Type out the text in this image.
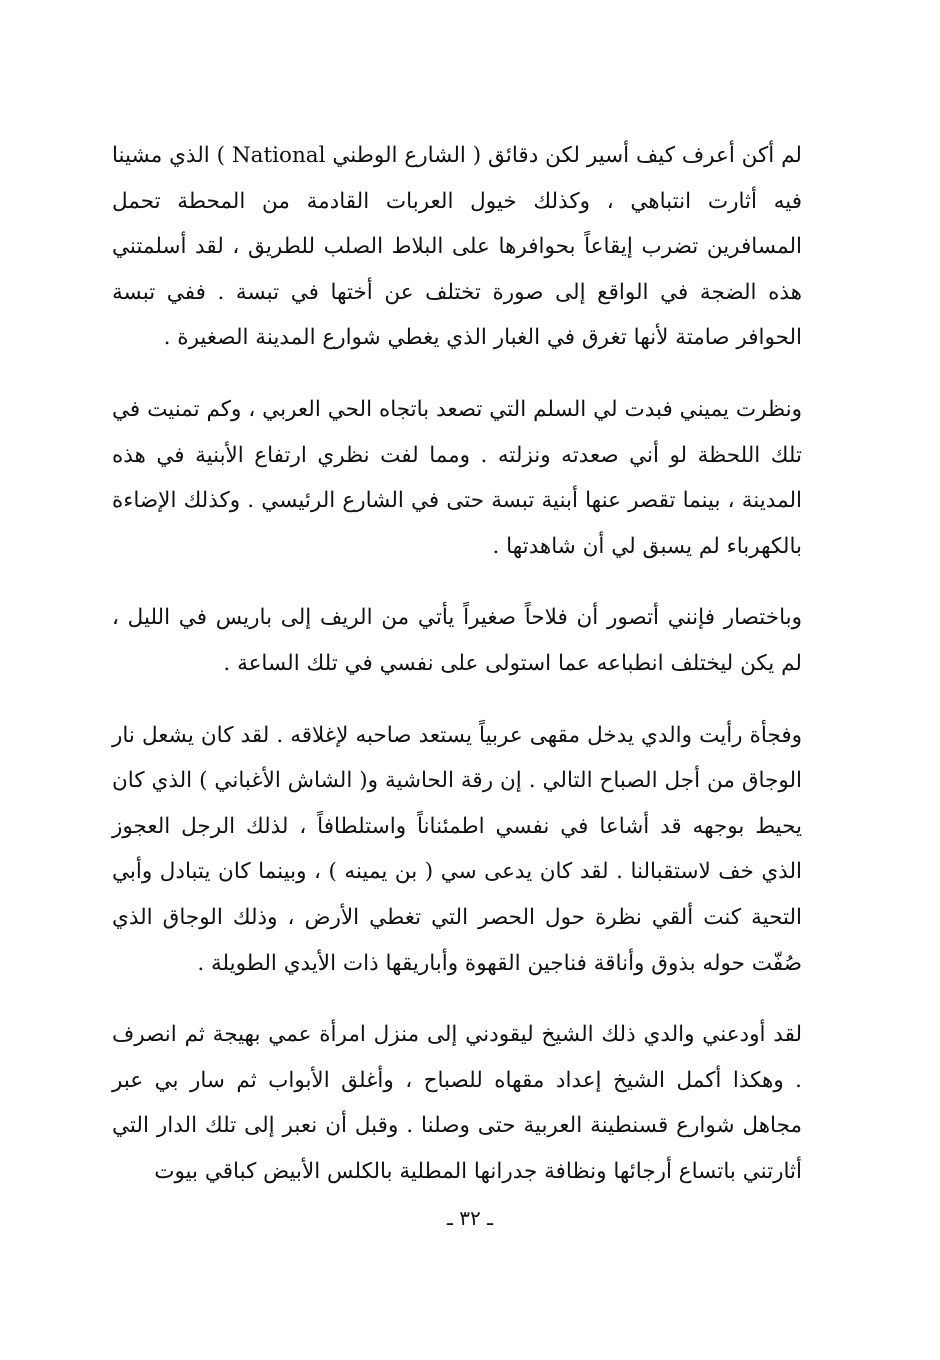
لم أكن أعرف كيف أسير لكن دقائق ( الشارع الوطني National ) الذي مشينا فيه أثارت انتباهي ، وكذلك خيول العربات القادمة من المحطة تحمل المسافرين تضرب إيقاعاً بحوافرها على البلاط الصلب للطريق ، لقد أسلمتني هذه الضجة في الواقع إلى صورة تختلف عن أختها في تبسة . ففي تبسة الحوافر صامتة لأنها تغرق في الغبار الذي يغطي شوارع المدينة الصغيرة .

ونظرت يميني فبدت لي السلم التي تصعد باتجاه الحي العربي ، وكم تمنيت في تلك اللحظة لو أني صعدته ونزلته . ومما لفت نظري ارتفاع الأبنية في هذه المدينة ، بينما تقصر عنها أبنية تبسة حتى في الشارع الرئيسي . وكذلك الإضاءة بالكهرباء لم يسبق لي أن شاهدتها .

وباختصار فإنني أتصور أن فلاحاً صغيراً يأتي من الريف إلى باريس في الليل ، لم يكن ليختلف انطباعه عما استولى على نفسي في تلك الساعة .

وفجأة رأيت والدي يدخل مقهى عربياً يستعد صاحبه لإغلاقه . لقد كان يشعل نار الوجاق من أجل الصباح التالي . إن رقة الحاشية و( الشاش الأغباني ) الذي كان يحيط بوجهه قد أشاعا في نفسي اطمئناناً واستلطافاً ، لذلك الرجل العجوز الذي خف لاستقبالنا . لقد كان يدعى سي ( بن يمينه ) ، وبينما كان يتبادل وأبي التحية كنت ألقي نظرة حول الحصر التي تغطي الأرض ، وذلك الوجاق الذي صُفّت حوله بذوق وأناقة فناجين القهوة وأباريقها ذات الأيدي الطويلة .

لقد أودعني والدي ذلك الشيخ ليقودني إلى منزل امرأة عمي بهيجة ثم انصرف . وهكذا أكمل الشيخ إعداد مقهاه للصباح ، وأغلق الأبواب ثم سار بي عبر مجاهل شوارع قسنطينة العربية حتى وصلنا . وقبل أن نعبر إلى تلك الدار التي أثارتني باتساع أرجائها ونظافة جدرانها المطلية بالكلس الأبيض كباقي بيوت

ـ ٣٢ ـ
